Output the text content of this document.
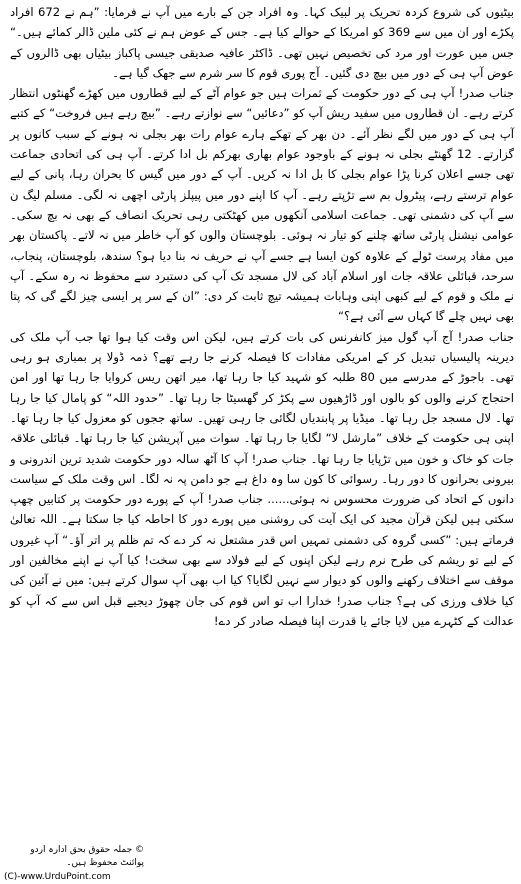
بیٹیوں کی شروع کردہ تحریک پر لبیک کہا۔ وہ افراد جن کے بارے میں آپ نے فرمایا: ”ہم نے 672 افراد پکڑے اور ان میں سے 369 کو امریکا کے حوالے کیا ہے۔ جس کے عوض ہم نے کئی ملین ڈالر کمائے ہیں۔“ جس میں عورت اور مرد کی تخصیص نہیں تھی۔ ڈاکٹر عافیہ صدیقی جیسی پاکباز بیٹیاں بھی ڈالروں کے عوض آپ ہی کے دور میں بیچ دی گئیں۔ آج پوری قوم کا سر شرم سے جھک گیا ہے۔

جناب صدر! آپ ہی کے دور حکومت کے ثمرات ہیں جو عوام آٹے کے لیے قطاروں میں کھڑے گھنٹوں انتظار کرتے رہے۔ ان قطاروں میں سفید ریش آپ کو ”دعائیں“ سے نوازتے رہے۔ ”بیچ رہے ہیں فروخت“ کے کتبے آپ ہی کے دور میں لگے نظر آئے۔ دن بھر کے تھکے ہارے عوام رات بھر بجلی نہ ہونے کے سبب کانوں پر گزارتے۔ 12 گھنٹے بجلی نہ ہونے کے باوجود عوام بھاری بھرکم بل ادا کرتے۔ آپ ہی کی اتحادی جماعت تھی جسے اعلان کرنا پڑا عوام بجلی کا بل ادا نہ کریں۔ آپ کے دور میں گیس کا بحران رہا، پانی کے لیے عوام ترستے رہے، پیٹرول بم سے تڑپتے رہے۔ آپ کا اپنے دور میں پیپلز پارٹی اچھی نہ لگی۔ مسلم لیگ ن سے آپ کی دشمنی تھی۔ جماعت اسلامی آنکھوں میں کھٹکتی رہی تحریک انصاف کے بھی نہ بچ سکی۔ عوامی نیشنل پارٹی ساتھ چلنے کو تیار نہ ہوئی۔ بلوچستان والوں کو آپ خاطر میں نہ لاتے۔ پاکستان بھر میں مفاد پرست ٹولے کے علاوہ کون ایسا ہے جسے آپ نے حریف نہ بنا دیا ہو؟ سندھ، بلوچستان، پنجاب، سرحد، قبائلی علاقہ جات اور اسلام آباد کی لال مسجد تک آپ کی دستبرد سے محفوظ نہ رہ سکے۔ آپ نے ملک و قوم کے لیے کبھی اپنی وہابات ہمیشہ تیچ ثابت کر دی: ”ان کے سر پر ایسی چیز لگے گی کہ پتا بھی نہیں چلے گا کہاں سے آئی ہے؟“

جناب صدر! آج آپ گول میز کانفرنس کی بات کرتے ہیں، لیکن اس وقت کیا ہوا تھا جب آپ ملک کی دیرینہ پالیسیاں تبدیل کر کے امریکی مفادات کا فیصلہ کرنے جا رہے تھے؟ ذمہ ڈولا پر بمباری ہو رہی تھی۔ باجوڑ کے مدرسے میں 80 طلبہ کو شہید کیا جا رہا تھا، میر اتھن ریس کروایا جا رہا تھا اور امن احتجاج کرنے والوں کو بالوں اور ڈاڑھیوں سے پکڑ کر گھسیٹا جا رہا تھا۔ ”حدود اللہ“ کو پامال کیا جا رہا تھا۔ لال مسجد جل رہا تھا۔ میڈیا پر پابندیاں لگائی جا رہی تھیں۔ ساتھ ججوں کو معزول کیا جا رہا تھا۔ اپنی ہی حکومت کے خلاف ”مارشل لا“ لگایا جا رہا تھا۔ سوات میں آپریشن کیا جا رہا تھا۔ قبائلی علاقہ جات کو خاک و خون میں تڑپایا جا رہا تھا۔ جناب صدر! آپ کا آٹھ سالہ دور حکومت شدید ترین اندرونی و بیرونی بحرانوں کا دور رہا۔ رسوائی کا کون سا وہ داغ ہے جو دامن پہ نہ لگا۔ اس وقت ملک کے سیاست دانوں کے اتحاد کی ضرورت محسوس نہ ہوئی...... جناب صدر! آپ کے پورے دور حکومت پر کتابیں چھپ سکتی ہیں لیکن قرآن مجید کی ایک آیت کی روشنی میں پورے دور کا احاطہ کیا جا سکتا ہے۔ اللہ تعالیٰ فرماتے ہیں: ”کسی گروہ کی دشمنی تمہیں اس قدر مشتعل نہ کر دے کہ تم ظلم پر اتر آؤ۔“ آپ غیروں کے لیے تو ریشم کی طرح نرم رہے لیکن اپنوں کے لیے فولاد سے بھی سخت! کیا آپ نے اپنے مخالفین اور موقف سے اختلاف رکھنے والوں کو دیوار سے نہیں لگایا؟ کیا اب بھی آپ سوال کرتے ہیں: میں نے آئین کی کیا خلاف ورزی کی ہے؟ جناب صدر! خدارا اب تو اس قوم کی جان چھوڑ دیجیے قبل اس سے کہ آپ کو عدالت کے کٹہرے میں لایا جائے یا قدرت اپنا فیصلہ صادر کر دے!

© جملہ حقوق بحق ادارہ اردو پوائنٹ محفوظ ہیں۔
(C)-www.UrduPoint.com
